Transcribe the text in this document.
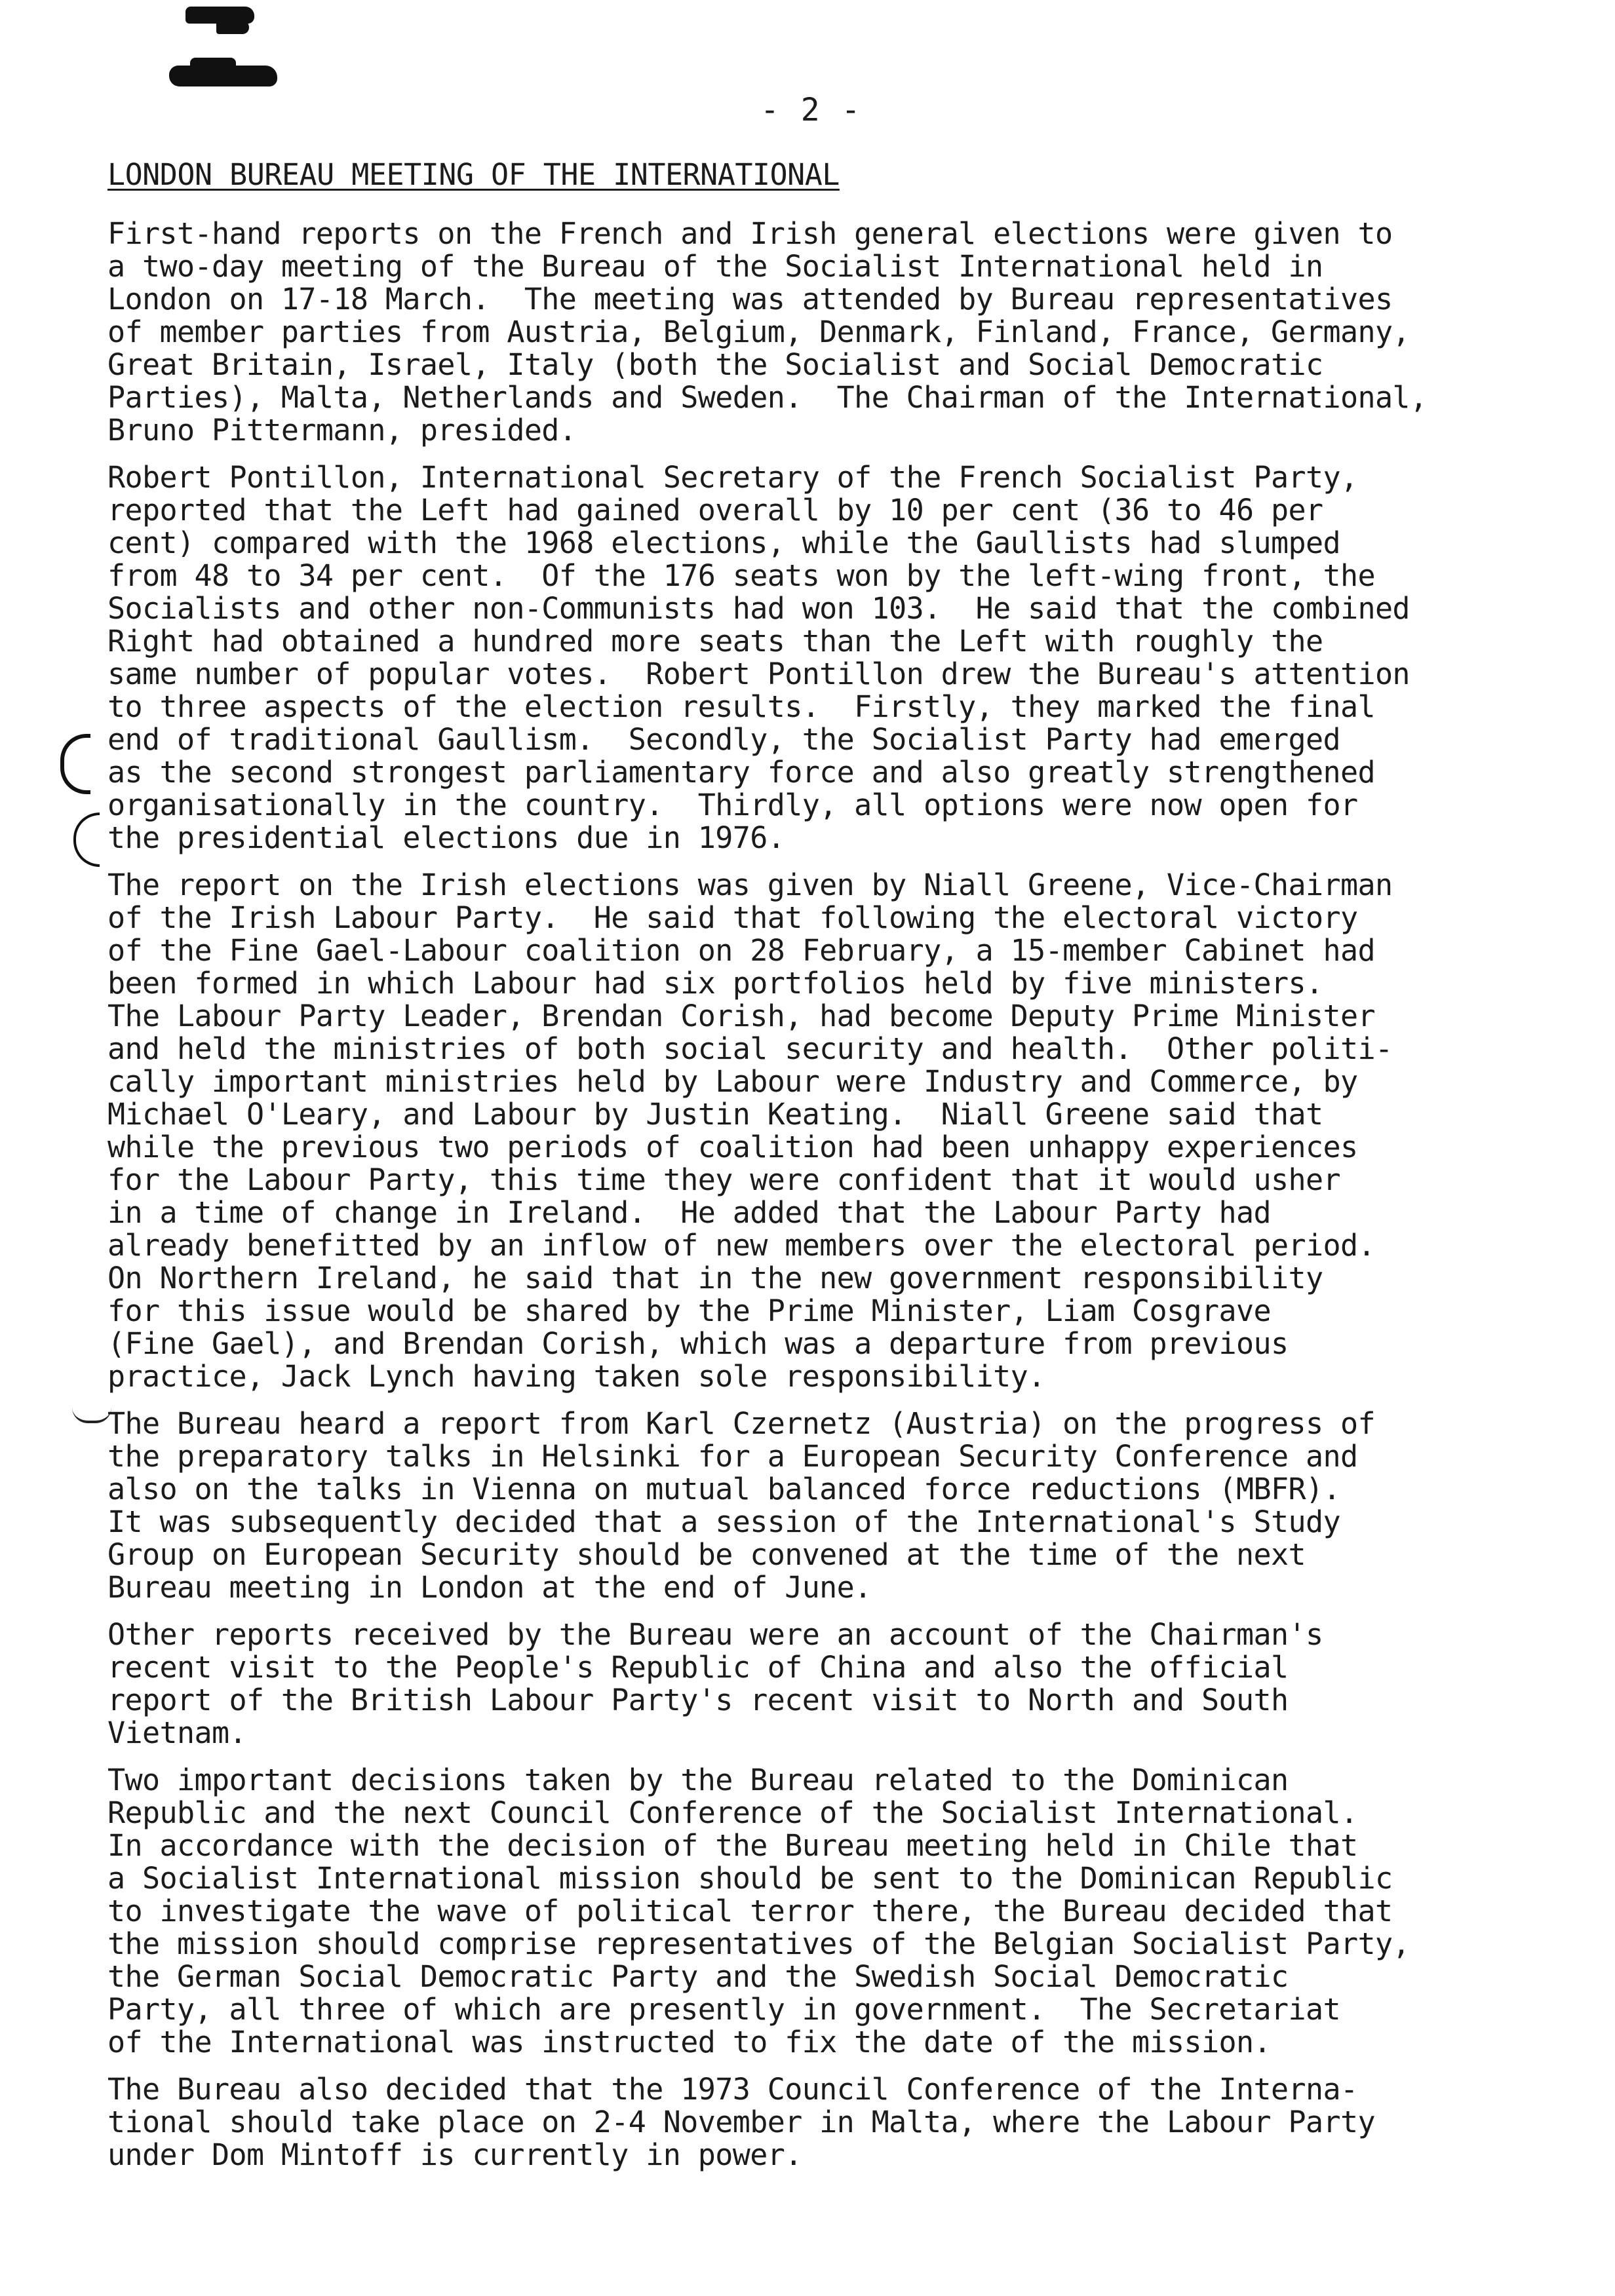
- 2 -
LONDON BUREAU MEETING OF THE INTERNATIONAL
First-hand reports on the French and Irish general elections were given to
a two-day meeting of the Bureau of the Socialist International held in
London on 17-18 March.  The meeting was attended by Bureau representatives
of member parties from Austria, Belgium, Denmark, Finland, France, Germany,
Great Britain, Israel, Italy (both the Socialist and Social Democratic
Parties), Malta, Netherlands and Sweden.  The Chairman of the International,
Bruno Pittermann, presided.
Robert Pontillon, International Secretary of the French Socialist Party,
reported that the Left had gained overall by 10 per cent (36 to 46 per
cent) compared with the 1968 elections, while the Gaullists had slumped
from 48 to 34 per cent.  Of the 176 seats won by the left-wing front, the
Socialists and other non-Communists had won 103.  He said that the combined
Right had obtained a hundred more seats than the Left with roughly the
same number of popular votes.  Robert Pontillon drew the Bureau's attention
to three aspects of the election results.  Firstly, they marked the final
end of traditional Gaullism.  Secondly, the Socialist Party had emerged
as the second strongest parliamentary force and also greatly strengthened
organisationally in the country.  Thirdly, all options were now open for
the presidential elections due in 1976.
The report on the Irish elections was given by Niall Greene, Vice-Chairman
of the Irish Labour Party.  He said that following the electoral victory
of the Fine Gael-Labour coalition on 28 February, a 15-member Cabinet had
been formed in which Labour had six portfolios held by five ministers.
The Labour Party Leader, Brendan Corish, had become Deputy Prime Minister
and held the ministries of both social security and health.  Other politi-
cally important ministries held by Labour were Industry and Commerce, by
Michael O'Leary, and Labour by Justin Keating.  Niall Greene said that
while the previous two periods of coalition had been unhappy experiences
for the Labour Party, this time they were confident that it would usher
in a time of change in Ireland.  He added that the Labour Party had
already benefitted by an inflow of new members over the electoral period.
On Northern Ireland, he said that in the new government responsibility
for this issue would be shared by the Prime Minister, Liam Cosgrave
(Fine Gael), and Brendan Corish, which was a departure from previous
practice, Jack Lynch having taken sole responsibility.
The Bureau heard a report from Karl Czernetz (Austria) on the progress of
the preparatory talks in Helsinki for a European Security Conference and
also on the talks in Vienna on mutual balanced force reductions (MBFR).
It was subsequently decided that a session of the International's Study
Group on European Security should be convened at the time of the next
Bureau meeting in London at the end of June.
Other reports received by the Bureau were an account of the Chairman's
recent visit to the People's Republic of China and also the official
report of the British Labour Party's recent visit to North and South
Vietnam.
Two important decisions taken by the Bureau related to the Dominican
Republic and the next Council Conference of the Socialist International.
In accordance with the decision of the Bureau meeting held in Chile that
a Socialist International mission should be sent to the Dominican Republic
to investigate the wave of political terror there, the Bureau decided that
the mission should comprise representatives of the Belgian Socialist Party,
the German Social Democratic Party and the Swedish Social Democratic
Party, all three of which are presently in government.  The Secretariat
of the International was instructed to fix the date of the mission.
The Bureau also decided that the 1973 Council Conference of the Interna-
tional should take place on 2-4 November in Malta, where the Labour Party
under Dom Mintoff is currently in power.
